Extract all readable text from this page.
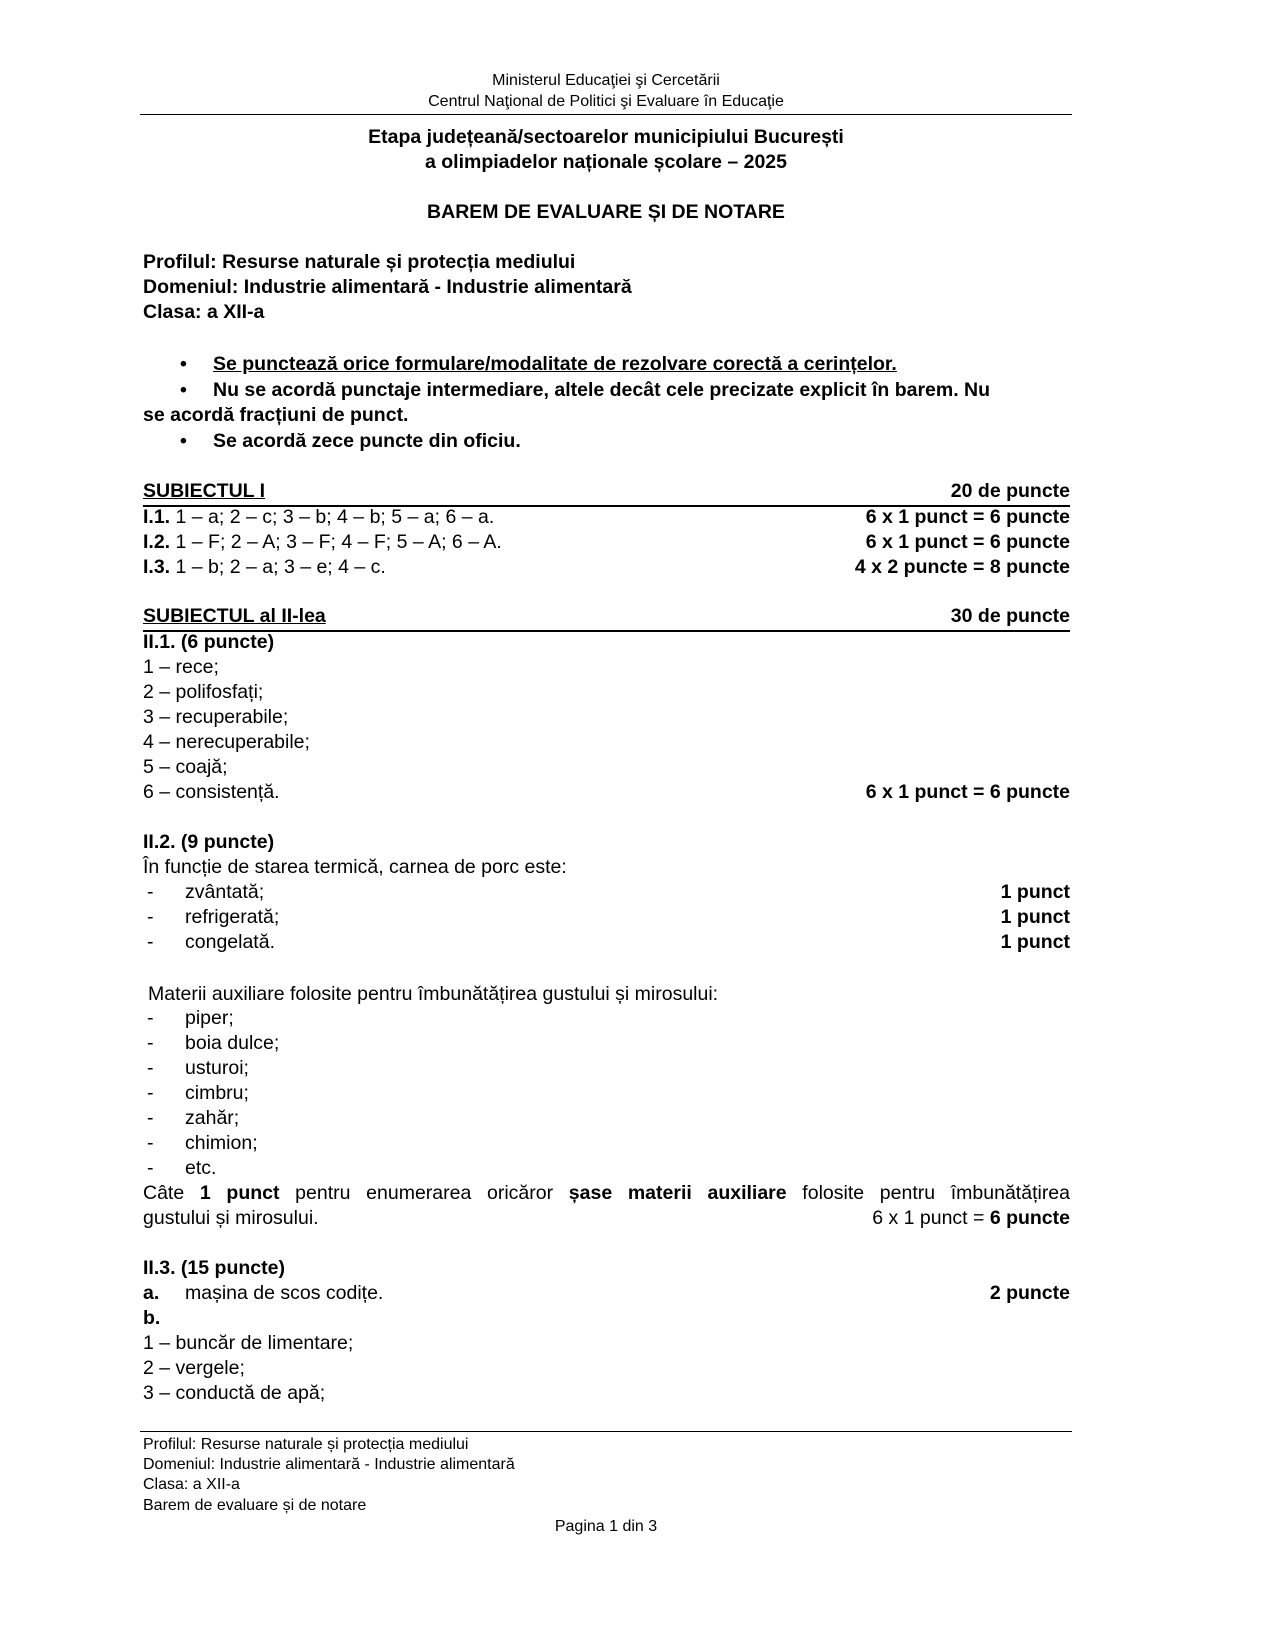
Ministerul Educaţiei şi Cercetării
Centrul Naţional de Politici şi Evaluare în Educaţie
Etapa județeană/sectoarelor municipiului București
a olimpiadelor naționale școlare – 2025
BAREM DE EVALUARE ȘI DE NOTARE
Profilul: Resurse naturale și protecția mediului
Domeniul: Industrie alimentară - Industrie alimentară
Clasa: a XII-a
• Se punctează orice formulare/modalitate de rezolvare corectă a cerințelor.
• Nu se acordă punctaje intermediare, altele decât cele precizate explicit în barem. Nu
se acordă fracțiuni de punct.
• Se acordă zece puncte din oficiu.
SUBIECTUL I	20 de puncte
I.1. 1 – a; 2 – c; 3 – b; 4 – b; 5 – a; 6 – a.	6 x 1 punct = 6 puncte
I.2. 1 – F; 2 – A; 3 – F; 4 – F; 5 – A; 6 – A.	6 x 1 punct = 6 puncte
I.3. 1 – b; 2 – a; 3 – e; 4 – c.	4 x 2 puncte = 8 puncte
SUBIECTUL al II-lea	30 de puncte
II.1. (6 puncte)
1 – rece;
2 – polifosfați;
3 – recuperabile;
4 – nerecuperabile;
5 – coajă;
6 – consistență.	6 x 1 punct = 6 puncte
II.2. (9 puncte)
În funcție de starea termică, carnea de porc este:
- zvântată;	1 punct
- refrigerată;	1 punct
- congelată.	1 punct
Materii auxiliare folosite pentru îmbunătățirea gustului și mirosului:
- piper;
- boia dulce;
- usturoi;
- cimbru;
- zahăr;
- chimion;
- etc.
Câte 1 punct pentru enumerarea oricăror șase materii auxiliare folosite pentru îmbunătățirea
gustului și mirosului.	6 x 1 punct = 6 puncte
II.3. (15 puncte)
a. mașina de scos codițe.	2 puncte
b.
1 – buncăr de limentare;
2 – vergele;
3 – conductă de apă;
Profilul: Resurse naturale și protecția mediului
Domeniul: Industrie alimentară - Industrie alimentară
Clasa: a XII-a
Barem de evaluare și de notare
Pagina 1 din 3
